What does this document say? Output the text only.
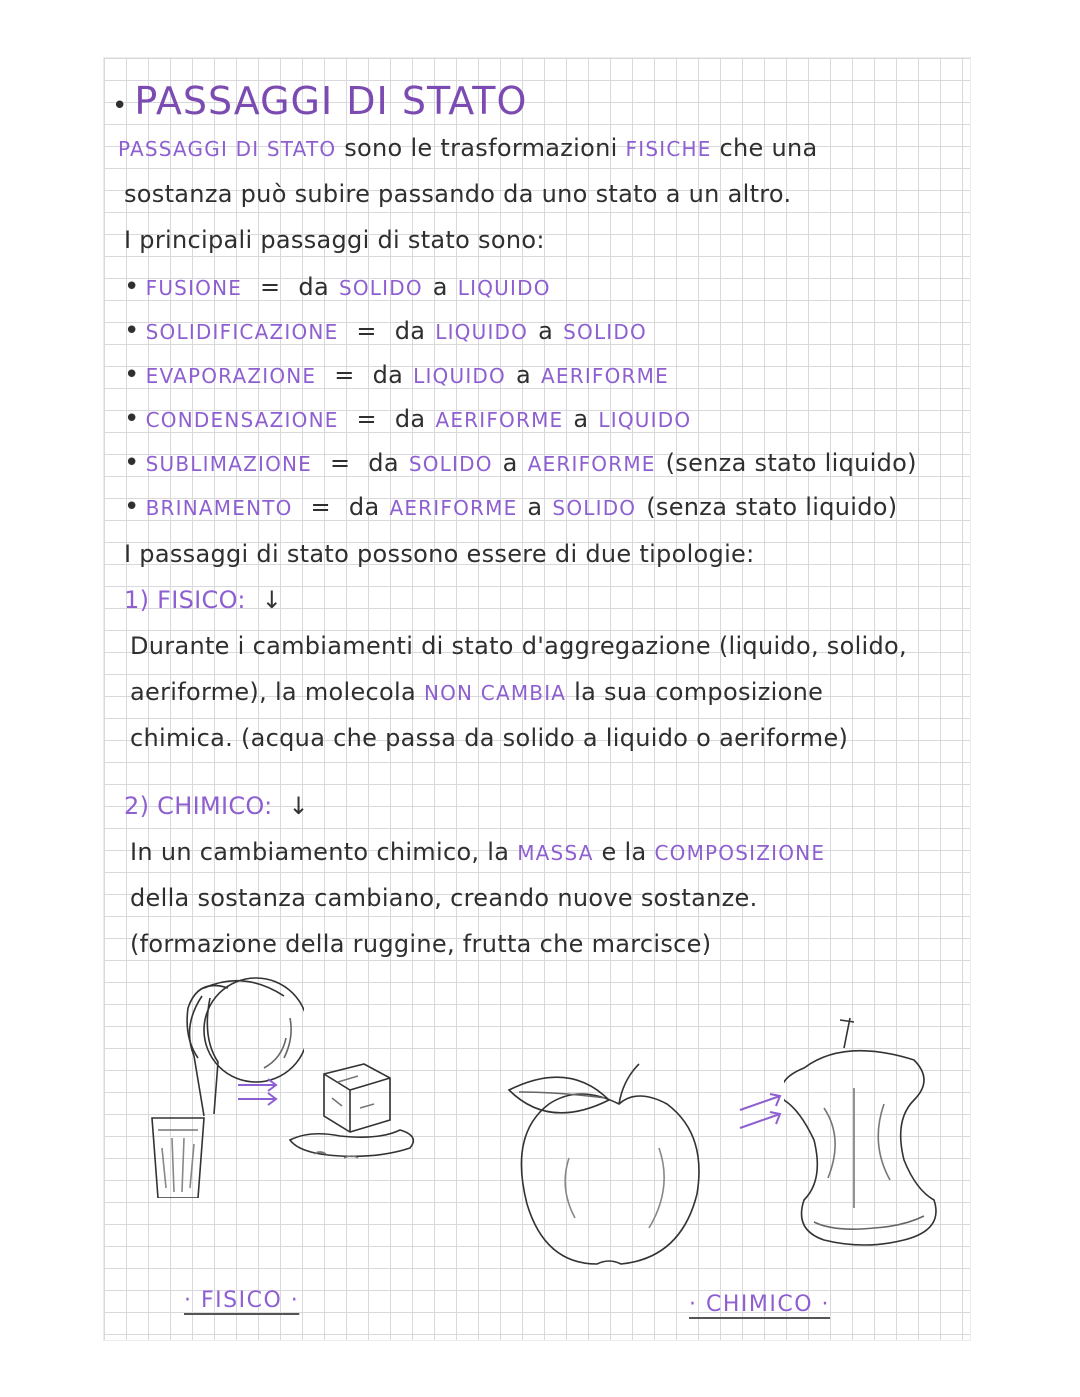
• PASSAGGI DI STATO
PASSAGGI DI STATO sono le trasformazioni FISICHE che una
sostanza può subire passando da uno stato a un altro.
I principali passaggi di stato sono:
• FUSIONE = da SOLIDO a LIQUIDO
• SOLIDIFICAZIONE = da LIQUIDO a SOLIDO
• EVAPORAZIONE = da LIQUIDO a AERIFORME
• CONDENSAZIONE = da AERIFORME a LIQUIDO
• SUBLIMAZIONE = da SOLIDO a AERIFORME (senza stato liquido)
• BRINAMENTO = da AERIFORME a SOLIDO (senza stato liquido)
I passaggi di stato possono essere di due tipologie:
1) FISICO: ↓
Durante i cambiamenti di stato d'aggregazione (liquido, solido,
aeriforme), la molecola NON CAMBIA la sua composizione
chimica. (acqua che passa da solido a liquido o aeriforme)
2) CHIMICO: ↓
In un cambiamento chimico, la MASSA e la COMPOSIZIONE
della sostanza cambiano, creando nuove sostanze.
(formazione della ruggine, frutta che marcisce)
· FISICO ·	· CHIMICO ·
